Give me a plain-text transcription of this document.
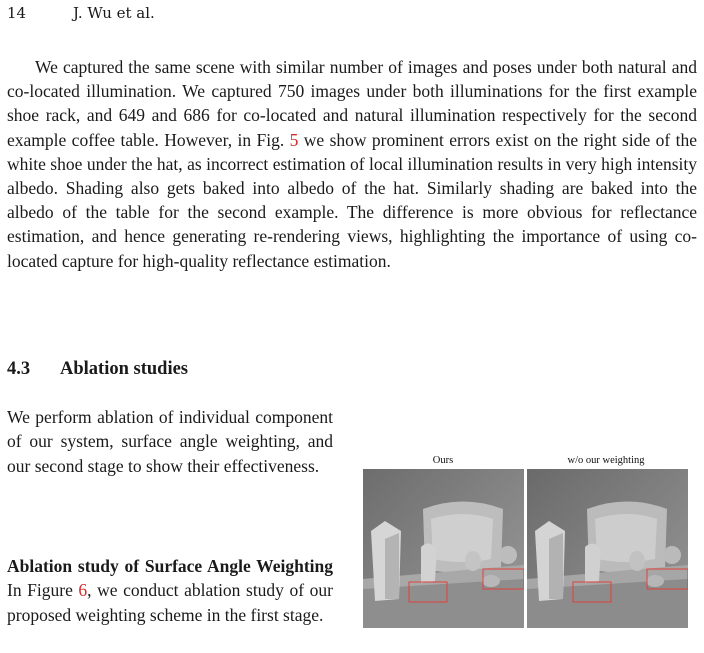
14	J. Wu et al.
We captured the same scene with similar number of images and poses under both natural and co-located illumination. We captured 750 images under both illuminations for the first example shoe rack, and 649 and 686 for co-located and natural illumination respectively for the second example coffee table. However, in Fig. 5 we show prominent errors exist on the right side of the white shoe under the hat, as incorrect estimation of local illumination results in very high intensity albedo. Shading also gets baked into albedo of the hat. Similarly shading are baked into the albedo of the table for the second example. The difference is more obvious for reflectance estimation, and hence generating re-rendering views, highlighting the importance of using co-located capture for high-quality reflectance estimation.
4.3 Ablation studies
We perform ablation of individual component of our system, surface angle weighting, and our second stage to show their effectiveness.
Ablation study of Surface Angle Weighting In Figure 6, we conduct ablation study of our proposed weighting scheme in the first stage.
Ours	w/o our weighting
